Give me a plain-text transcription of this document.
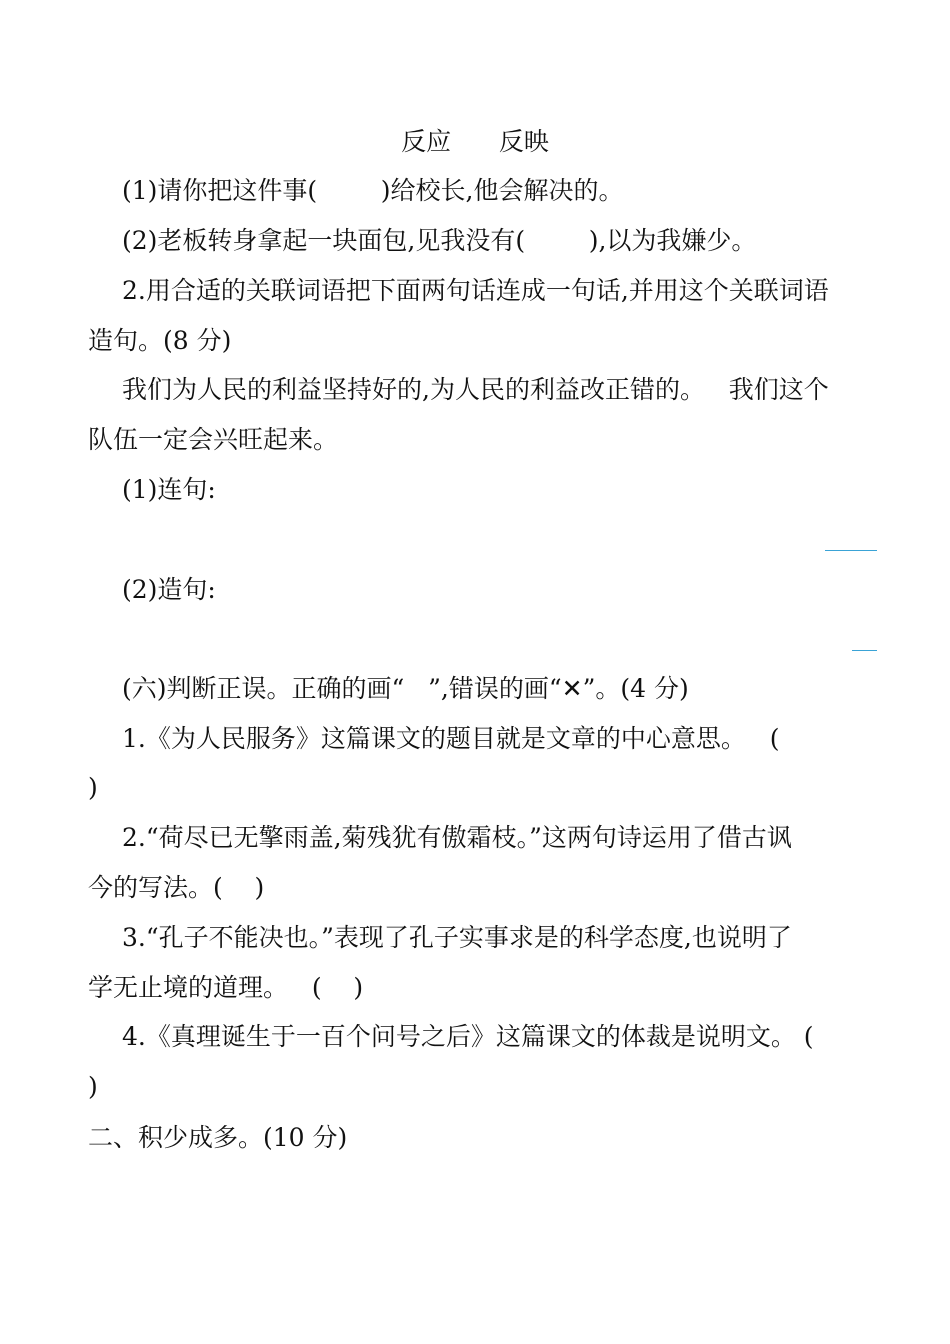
反应      反映
(1)请你把这件事(        )给校长,他会解决的。
(2)老板转身拿起一块面包,见我没有(        ),以为我嫌少。
2.用合适的关联词语把下面两句话连成一句话,并用这个关联词语
造句。(8 分)
我们为人民的利益坚持好的,为人民的利益改正错的。   我们这个
队伍一定会兴旺起来。
(1)连句:
(2)造句:
(六)判断正误。正确的画“   ”,错误的画“✕”。(4 分)
1.《为人民服务》这篇课文的题目就是文章的中心意思。   (
)
2.“荷尽已无擎雨盖,菊残犹有傲霜枝。”这两句诗运用了借古讽
今的写法。(    )
3.“孔子不能决也。”表现了孔子实事求是的科学态度,也说明了
学无止境的道理。   (    )
4.《真理诞生于一百个问号之后》这篇课文的体裁是说明文。 (
)
二、积少成多。(10 分)
